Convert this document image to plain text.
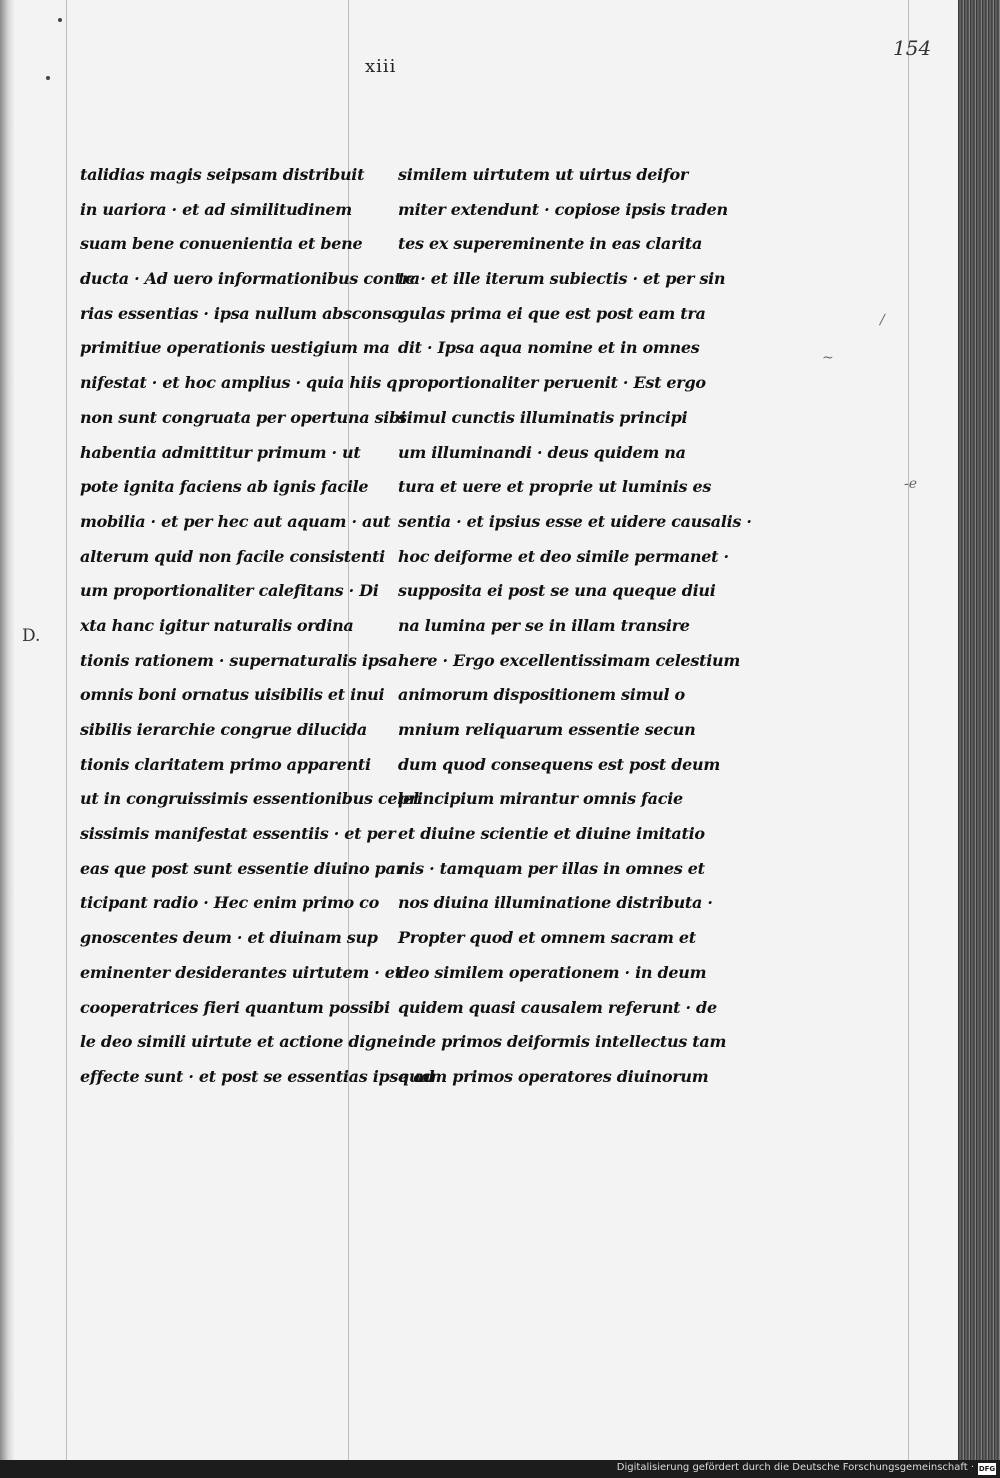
154
xiii
D.
∕
~
-e
talidias magis seipsam distribuit
in uariora · et ad similitudinem
suam bene conuenientia et bene
ducta · Ad uero informationibus contra
rias essentias · ipsa nullum absconso
primitiue operationis uestigium ma
nifestat · et hoc amplius · quia hiis q
non sunt congruata per opertuna sibi
habentia admittitur primum · ut
pote ignita faciens ab ignis facile
mobilia · et per hec aut aquam · aut
alterum quid non facile consistenti
um proportionaliter calefitans · Di
xta hanc igitur naturalis ordina
tionis rationem · supernaturalis ipsa
omnis boni ornatus uisibilis et inui
sibilis ierarchie congrue dilucida
tionis claritatem primo apparenti
ut in congruissimis essentionibus celel
sissimis manifestat essentiis · et per
eas que post sunt essentie diuino par
ticipant radio · Hec enim primo co
gnoscentes deum · et diuinam sup
eminenter desiderantes uirtutem · et
cooperatrices fieri quantum possibi
le deo simili uirtute et actione digne
effecte sunt · et post se essentias ipse ad
similem uirtutem ut uirtus deifor
miter extendunt · copiose ipsis traden
tes ex supereminente in eas clarita
te · et ille iterum subiectis · et per sin
gulas prima ei que est post eam tra
dit · Ipsa aqua nomine et in omnes
proportionaliter peruenit · Est ergo
simul cunctis illuminatis principi
um illuminandi · deus quidem na
tura et uere et proprie ut luminis es
sentia · et ipsius esse et uidere causalis ·
hoc deiforme et deo simile permanet ·
supposita ei post se una queque diui
na lumina per se in illam transire
here · Ergo excellentissimam celestium
animorum dispositionem simul o
mnium reliquarum essentie secun
dum quod consequens est post deum
principium mirantur omnis facie
et diuine scientie et diuine imitatio
nis · tamquam per illas in omnes et
nos diuina illuminatione distributa ·
Propter quod et omnem sacram et
deo similem operationem · in deum
quidem quasi causalem referunt · de
inde primos deiformis intellectus tam
quam primos operatores diuinorum
Digitalisierung gefördert durch die Deutsche Forschungsgemeinschaft · DFG
